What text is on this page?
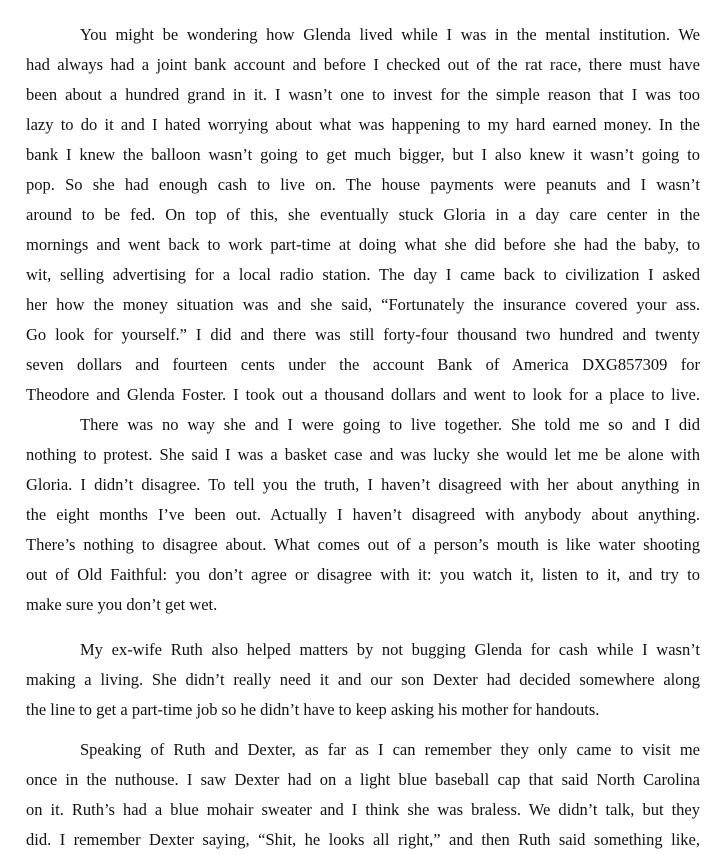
You might be wondering how Glenda lived while I was in the mental institution. We
had always had a joint bank account and before I checked out of the rat race, there must have
been about a hundred grand in it. I wasn’t one to invest for the simple reason that I was too
lazy to do it and I hated worrying about what was happening to my hard earned money. In the
bank I knew the balloon wasn’t going to get much bigger, but I also knew it wasn’t going to
pop. So she had enough cash to live on. The house payments were peanuts and I wasn’t
around to be fed. On top of this, she eventually stuck Gloria in a day care center in the
mornings and went back to work part-time at doing what she did before she had the baby, to
wit, selling advertising for a local radio station. The day I came back to civilization I asked
her how the money situation was and she said, “Fortunately the insurance covered your ass.
Go look for yourself.” I did and there was still forty-four thousand two hundred and twenty
seven dollars and fourteen cents under the account Bank of America DXG857309 for
Theodore and Glenda Foster. I took out a thousand dollars and went to look for a place to live.
There was no way she and I were going to live together. She told me so and I did
nothing to protest. She said I was a basket case and was lucky she would let me be alone with
Gloria. I didn’t disagree. To tell you the truth, I haven’t disagreed with her about anything in
the eight months I’ve been out. Actually I haven’t disagreed with anybody about anything.
There’s nothing to disagree about. What comes out of a person’s mouth is like water shooting
out of Old Faithful: you don’t agree or disagree with it: you watch it, listen to it, and try to
make sure you don’t get wet.
My ex-wife Ruth also helped matters by not bugging Glenda for cash while I wasn’t
making a living. She didn’t really need it and our son Dexter had decided somewhere along
the line to get a part-time job so he didn’t have to keep asking his mother for handouts.
Speaking of Ruth and Dexter, as far as I can remember they only came to visit me
once in the nuthouse. I saw Dexter had on a light blue baseball cap that said North Carolina
on it. Ruth’s had a blue mohair sweater and I think she was braless. We didn’t talk, but they
did. I remember Dexter saying, “Shit, he looks all right,” and then Ruth said something like,
